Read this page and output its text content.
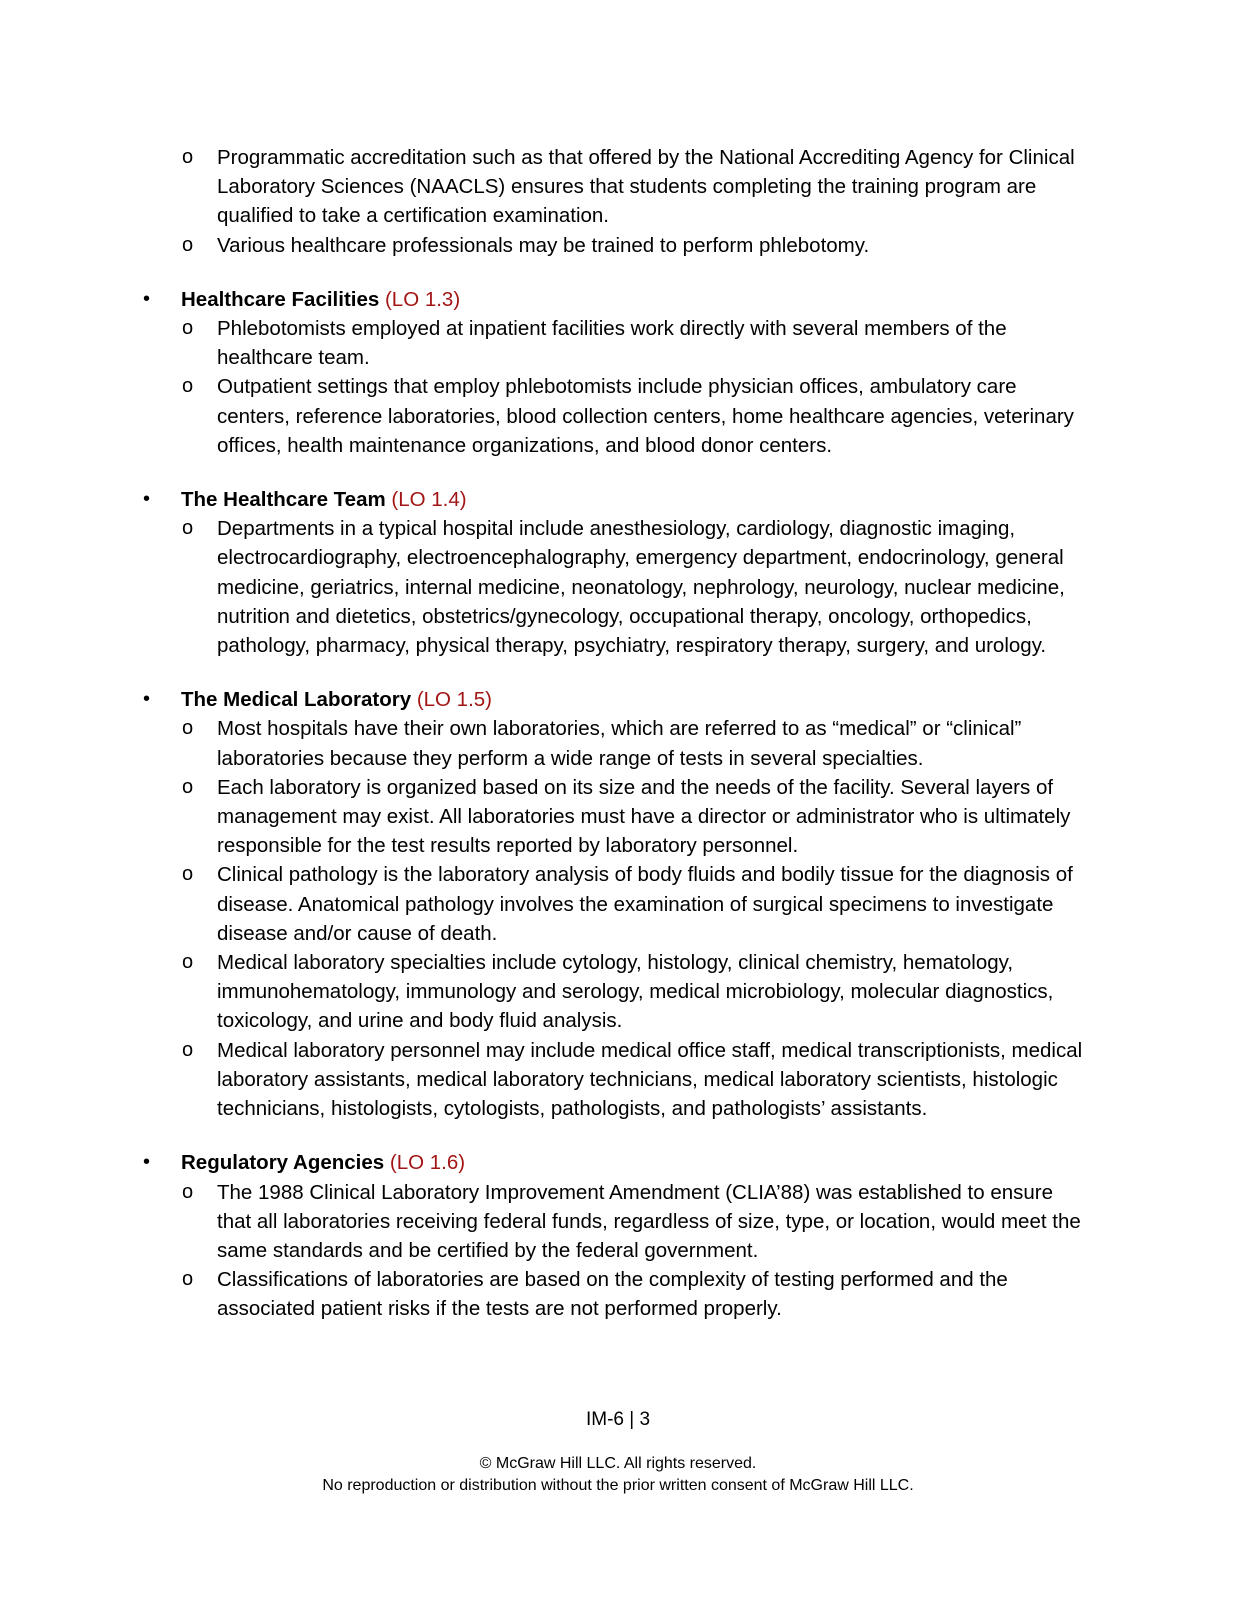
o Programmatic accreditation such as that offered by the National Accrediting Agency for Clinical Laboratory Sciences (NAACLS) ensures that students completing the training program are qualified to take a certification examination.
o Various healthcare professionals may be trained to perform phlebotomy.
• Healthcare Facilities (LO 1.3)
o Phlebotomists employed at inpatient facilities work directly with several members of the healthcare team.
o Outpatient settings that employ phlebotomists include physician offices, ambulatory care centers, reference laboratories, blood collection centers, home healthcare agencies, veterinary offices, health maintenance organizations, and blood donor centers.
• The Healthcare Team (LO 1.4)
o Departments in a typical hospital include anesthesiology, cardiology, diagnostic imaging, electrocardiography, electroencephalography, emergency department, endocrinology, general medicine, geriatrics, internal medicine, neonatology, nephrology, neurology, nuclear medicine, nutrition and dietetics, obstetrics/gynecology, occupational therapy, oncology, orthopedics, pathology, pharmacy, physical therapy, psychiatry, respiratory therapy, surgery, and urology.
• The Medical Laboratory (LO 1.5)
o Most hospitals have their own laboratories, which are referred to as “medical” or “clinical” laboratories because they perform a wide range of tests in several specialties.
o Each laboratory is organized based on its size and the needs of the facility. Several layers of management may exist. All laboratories must have a director or administrator who is ultimately responsible for the test results reported by laboratory personnel.
o Clinical pathology is the laboratory analysis of body fluids and bodily tissue for the diagnosis of disease. Anatomical pathology involves the examination of surgical specimens to investigate disease and/or cause of death.
o Medical laboratory specialties include cytology, histology, clinical chemistry, hematology, immunohematology, immunology and serology, medical microbiology, molecular diagnostics, toxicology, and urine and body fluid analysis.
o Medical laboratory personnel may include medical office staff, medical transcriptionists, medical laboratory assistants, medical laboratory technicians, medical laboratory scientists, histologic technicians, histologists, cytologists, pathologists, and pathologists’ assistants.
• Regulatory Agencies (LO 1.6)
o The 1988 Clinical Laboratory Improvement Amendment (CLIA’88) was established to ensure that all laboratories receiving federal funds, regardless of size, type, or location, would meet the same standards and be certified by the federal government.
o Classifications of laboratories are based on the complexity of testing performed and the associated patient risks if the tests are not performed properly.
IM-6 | 3
© McGraw Hill LLC. All rights reserved.
No reproduction or distribution without the prior written consent of McGraw Hill LLC.
